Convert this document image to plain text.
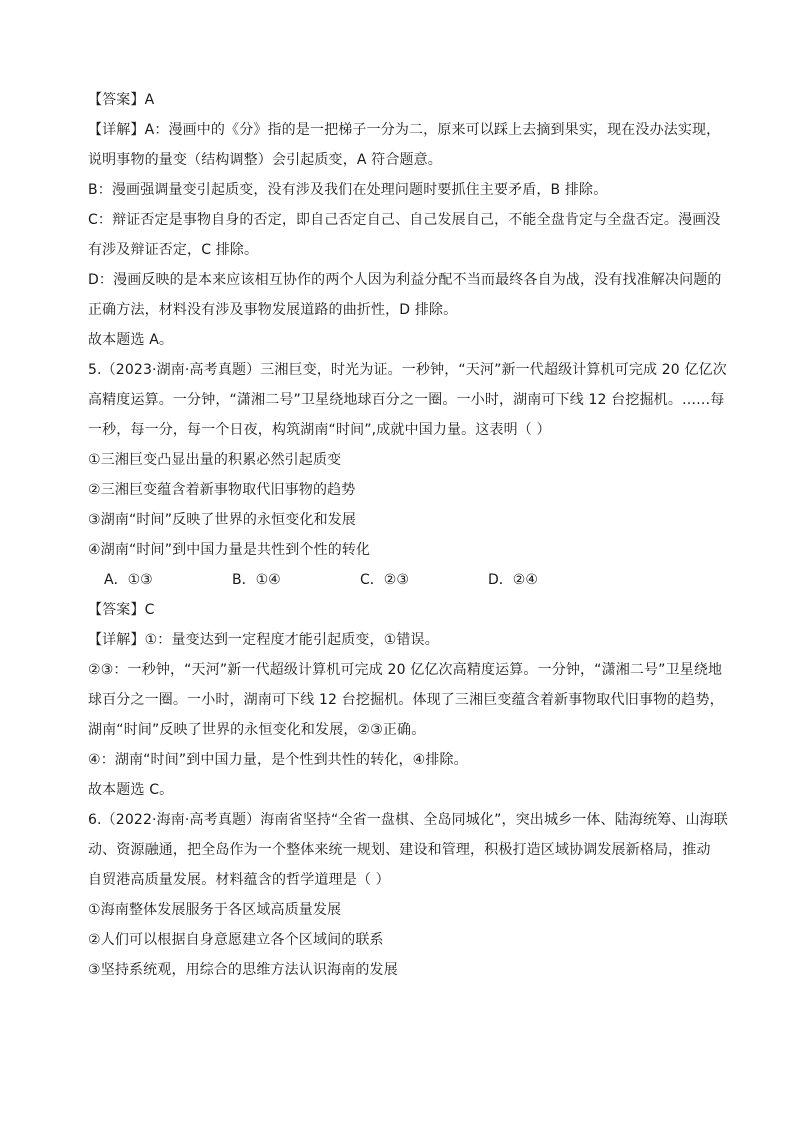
【答案】A
【详解】A：漫画中的《分》指的是一把梯子一分为二，原来可以踩上去摘到果实，现在没办法实现，
说明事物的量变（结构调整）会引起质变，A 符合题意。
B：漫画强调量变引起质变，没有涉及我们在处理问题时要抓住主要矛盾，B 排除。
C：辩证否定是事物自身的否定，即自己否定自己、自己发展自己，不能全盘肯定与全盘否定。漫画没
有涉及辩证否定，C 排除。
D：漫画反映的是本来应该相互协作的两个人因为利益分配不当而最终各自为战，没有找准解决问题的
正确方法，材料没有涉及事物发展道路的曲折性，D 排除。
故本题选 A。
5.（2023·湖南·高考真题）三湘巨变，时光为证。一秒钟，“天河”新一代超级计算机可完成 20 亿亿次
高精度运算。一分钟，“潇湘二号”卫星绕地球百分之一圈。一小时，湖南可下线 12 台挖掘机。……每
一秒，每一分，每一个日夜，构筑湖南“时间”,成就中国力量。这表明（ ）
①三湘巨变凸显出量的积累必然引起质变
②三湘巨变蕴含着新事物取代旧事物的趋势
③湖南“时间”反映了世界的永恒变化和发展
④湖南“时间”到中国力量是共性到个性的转化
A．①③	B．①④	C．②③	D．②④
【答案】C
【详解】①：量变达到一定程度才能引起质变，①错误。
②③：一秒钟，“天河”新一代超级计算机可完成 20 亿亿次高精度运算。一分钟，“潇湘二号”卫星绕地
球百分之一圈。一小时，湖南可下线 12 台挖掘机。体现了三湘巨变蕴含着新事物取代旧事物的趋势，
湖南“时间”反映了世界的永恒变化和发展，②③正确。
④：湖南“时间”到中国力量，是个性到共性的转化，④排除。
故本题选 C。
6.（2022·海南·高考真题）海南省坚持“全省一盘棋、全岛同城化”，突出城乡一体、陆海统筹、山海联
动、资源融通，把全岛作为一个整体来统一规划、建设和管理，积极打造区域协调发展新格局，推动
自贸港高质量发展。材料蕴含的哲学道理是（ ）
①海南整体发展服务于各区域高质量发展
②人们可以根据自身意愿建立各个区域间的联系
③坚持系统观，用综合的思维方法认识海南的发展
